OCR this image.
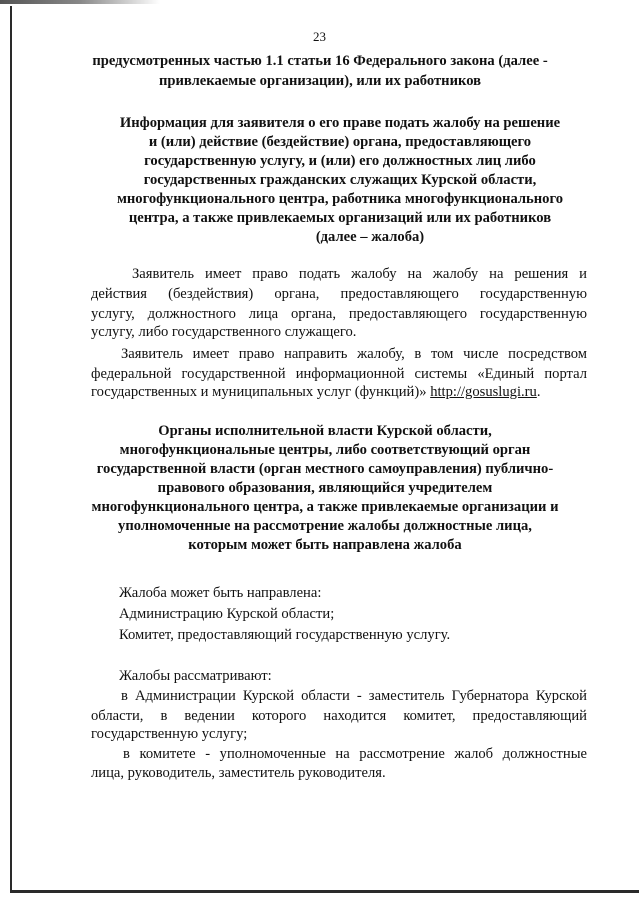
23
предусмотренных частью 1.1 статьи 16 Федерального закона (далее -
привлекаемые организации), или их работников
Информация для заявителя о его праве подать жалобу на решение
и (или) действие (бездействие) органа, предоставляющего
государственную услугу, и (или) его должностных лиц либо
государственных гражданских служащих Курской области,
многофункционального центра, работника многофункционального
центра, а также привлекаемых организаций или их работников
(далее – жалоба)
Заявитель имеет право подать жалобу на жалобу на решения и
действия (бездействия) органа, предоставляющего государственную
услугу, должностного лица органа, предоставляющего государственную
услугу, либо государственного служащего.
Заявитель имеет право направить жалобу, в том числе посредством
федеральной государственной информационной системы «Единый портал
государственных и муниципальных услуг (функций)» http://gosuslugi.ru.
Органы исполнительной власти Курской области,
многофункциональные центры, либо соответствующий орган
государственной власти (орган местного самоуправления) публично-
правового образования, являющийся учредителем
многофункционального центра, а также привлекаемые организации и
уполномоченные на рассмотрение жалобы должностные лица,
которым может быть направлена жалоба
Жалоба может быть направлена:
Администрацию Курской области;
Комитет, предоставляющий государственную услугу.
Жалобы рассматривают:
в Администрации Курской области - заместитель Губернатора Курской
области, в ведении которого находится комитет, предоставляющий
государственную услугу;
в комитете - уполномоченные на рассмотрение жалоб должностные
лица, руководитель, заместитель руководителя.
